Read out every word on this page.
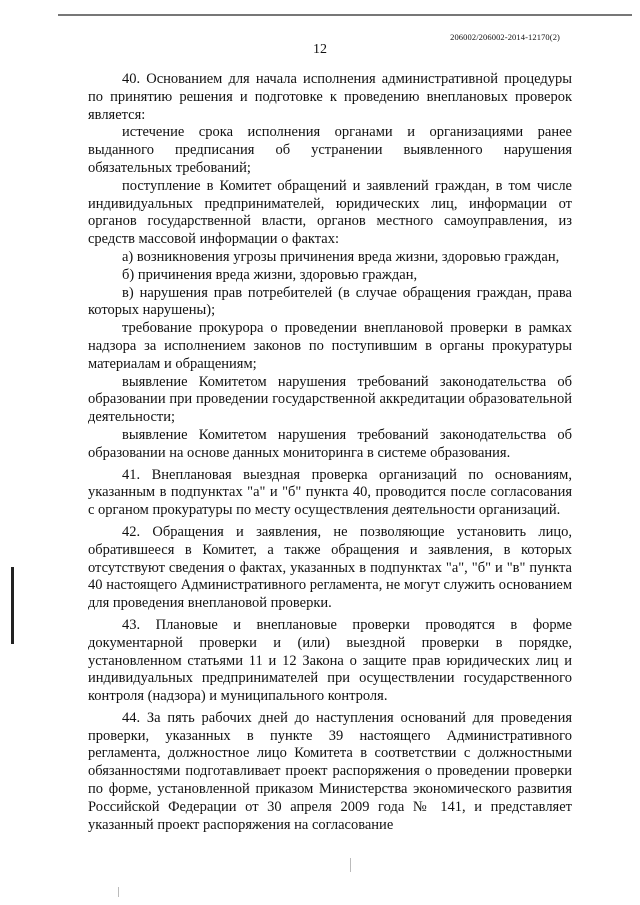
206002/206002-2014-12170(2)
12

40. Основанием для начала исполнения административной процедуры по принятию решения и подготовке к проведению внеплановых проверок является:

истечение срока исполнения органами и организациями ранее выданного предписания об устранении выявленного нарушения обязательных требований;

поступление в Комитет обращений и заявлений граждан, в том числе индивидуальных предпринимателей, юридических лиц, информации от органов государственной власти, органов местного самоуправления, из средств массовой информации о фактах:

а) возникновения угрозы причинения вреда жизни, здоровью граждан,

б) причинения вреда жизни, здоровью граждан,

в) нарушения прав потребителей (в случае обращения граждан, права которых нарушены);

требование прокурора о проведении внеплановой проверки в рамках надзора за исполнением законов по поступившим в органы прокуратуры материалам и обращениям;

выявление Комитетом нарушения требований законодательства об образовании при проведении государственной аккредитации образовательной деятельности;

выявление Комитетом нарушения требований законодательства об образовании на основе данных мониторинга в системе образования.

41. Внеплановая выездная проверка организаций по основаниям, указанным в подпунктах "а" и "б" пункта 40, проводится после согласования с органом прокуратуры по месту осуществления деятельности организаций.

42. Обращения и заявления, не позволяющие установить лицо, обратившееся в Комитет, а также обращения и заявления, в которых отсутствуют сведения о фактах, указанных в подпунктах "а", "б" и "в" пункта 40 настоящего Административного регламента, не могут служить основанием для проведения внеплановой проверки.

43. Плановые и внеплановые проверки проводятся в форме документарной проверки и (или) выездной проверки в порядке, установленном статьями 11 и 12 Закона о защите прав юридических лиц и индивидуальных предпринимателей при осуществлении государственного контроля (надзора) и муниципального контроля.

44. За пять рабочих дней до наступления оснований для проведения проверки, указанных в пункте 39 настоящего Административного регламента, должностное лицо Комитета в соответствии с должностными обязанностями подготавливает проект распоряжения о проведении проверки по форме, установленной приказом Министерства экономического развития Российской Федерации от 30 апреля 2009 года № 141, и представляет указанный проект распоряжения на согласование
